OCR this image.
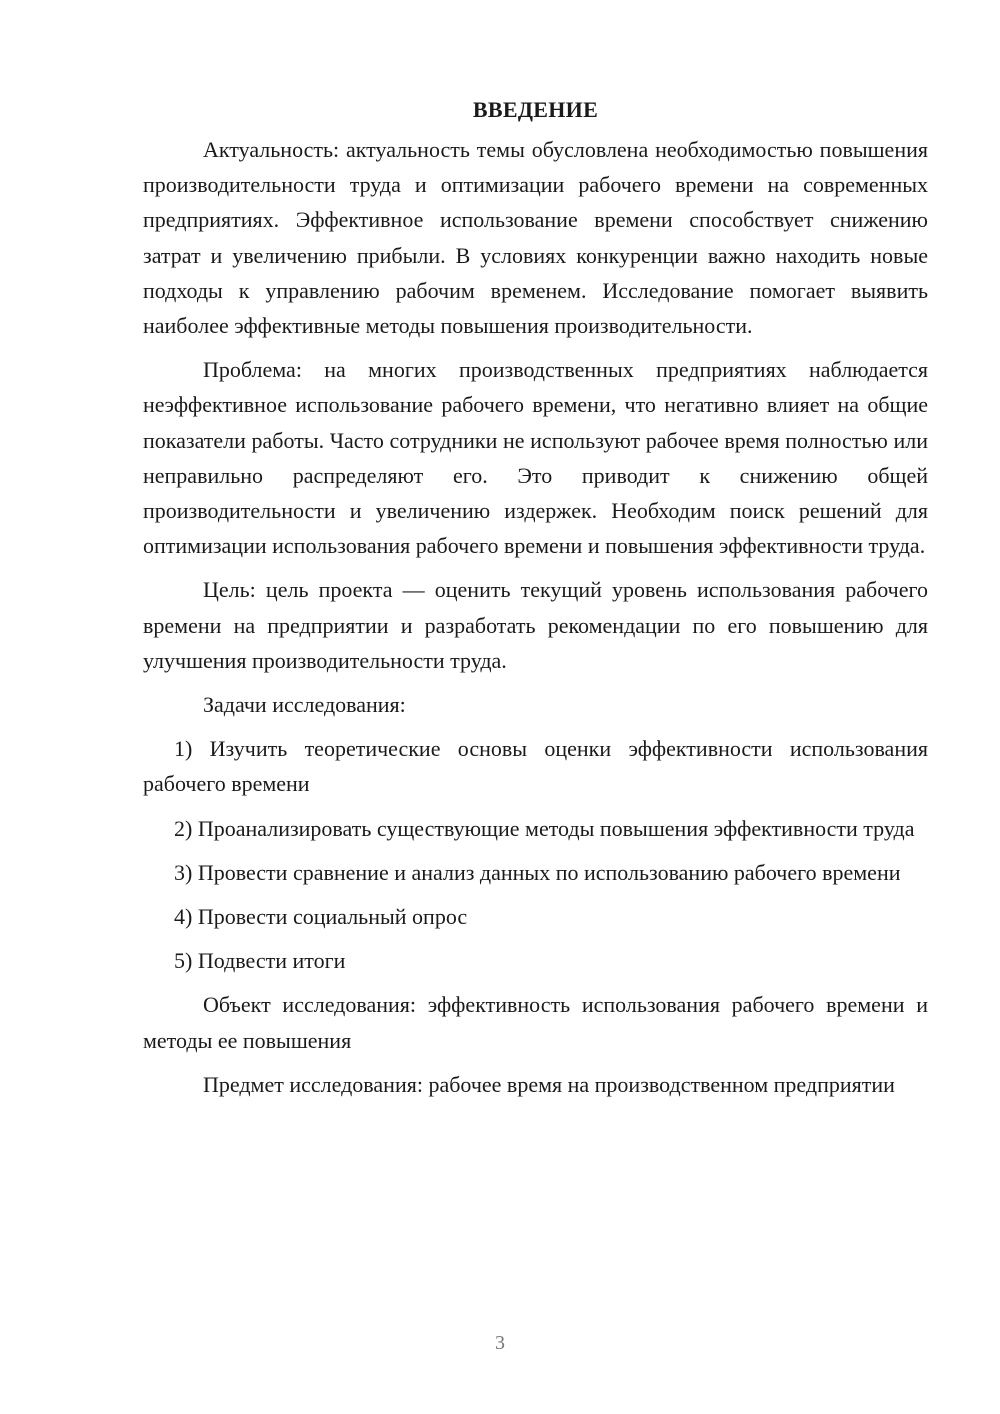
ВВЕДЕНИЕ

Актуальность: актуальность темы обусловлена необходимостью повышения производительности труда и оптимизации рабочего времени на современных предприятиях. Эффективное использование времени способствует снижению затрат и увеличению прибыли. В условиях конкуренции важно находить новые подходы к управлению рабочим временем. Исследование помогает выявить наиболее эффективные методы повышения производительности.

Проблема: на многих производственных предприятиях наблюдается неэффективное использование рабочего времени, что негативно влияет на общие показатели работы. Часто сотрудники не используют рабочее время полностью или неправильно распределяют его. Это приводит к снижению общей производительности и увеличению издержек. Необходим поиск решений для оптимизации использования рабочего времени и повышения эффективности труда.

Цель: цель проекта — оценить текущий уровень использования рабочего времени на предприятии и разработать рекомендации по его повышению для улучшения производительности труда.

Задачи исследования:

1) Изучить теоретические основы оценки эффективности использования рабочего времени

2) Проанализировать существующие методы повышения эффективности труда

3) Провести сравнение и анализ данных по использованию рабочего времени

4) Провести социальный опрос

5) Подвести итоги

Объект исследования: эффективность использования рабочего времени и методы ее повышения

Предмет исследования: рабочее время на производственном предприятии

3
